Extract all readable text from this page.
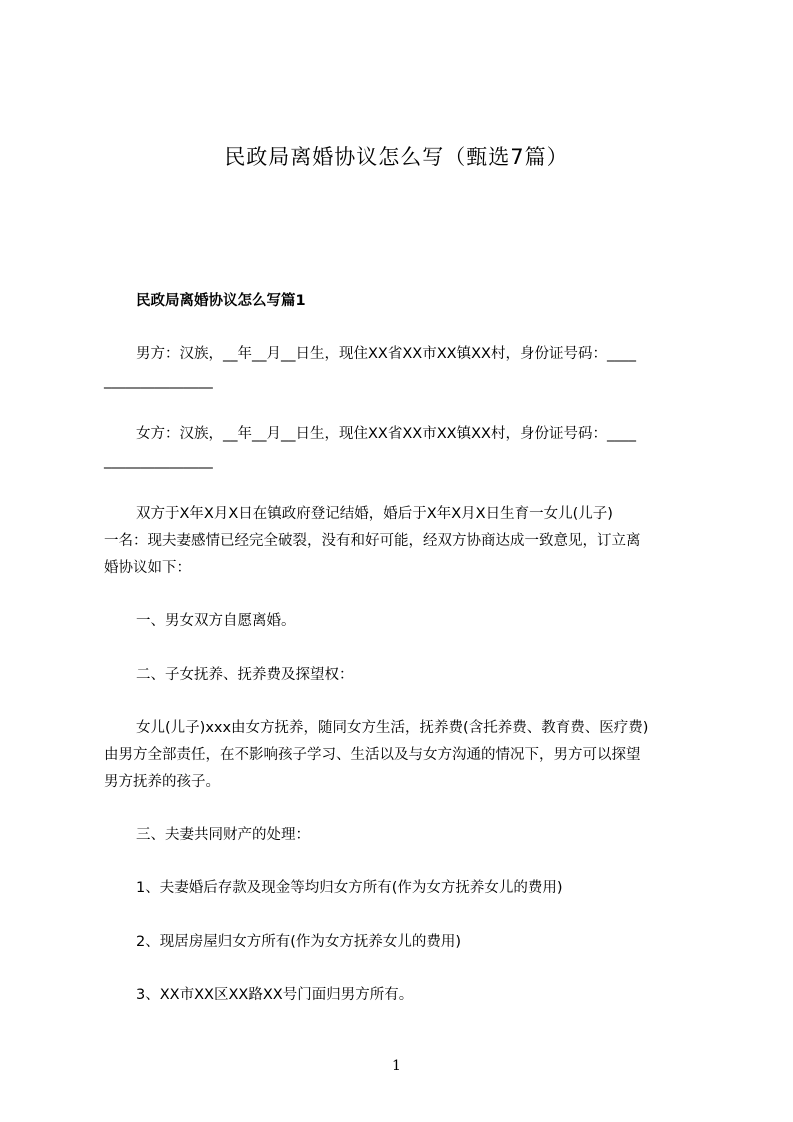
民政局离婚协议怎么写（甄选7篇）
民政局离婚协议怎么写篇1
男方：汉族，__年__月__日生，现住XX省XX市XX镇XX村，身份证号码：____
_______________
女方：汉族，__年__月__日生，现住XX省XX市XX镇XX村，身份证号码：____
_______________
双方于X年X月X日在镇政府登记结婚，婚后于X年X月X日生育一女儿(儿子)
一名：现夫妻感情已经完全破裂，没有和好可能，经双方协商达成一致意见，订立离
婚协议如下：
一、男女双方自愿离婚。
二、子女抚养、抚养费及探望权：
女儿(儿子)xxx由女方抚养，随同女方生活，抚养费(含托养费、教育费、医疗费)
由男方全部责任，在不影响孩子学习、生活以及与女方沟通的情况下，男方可以探望
男方抚养的孩子。
三、夫妻共同财产的处理：
1、夫妻婚后存款及现金等均归女方所有(作为女方抚养女儿的费用)
2、现居房屋归女方所有(作为女方抚养女儿的费用)
3、XX市XX区XX路XX号门面归男方所有。
1
